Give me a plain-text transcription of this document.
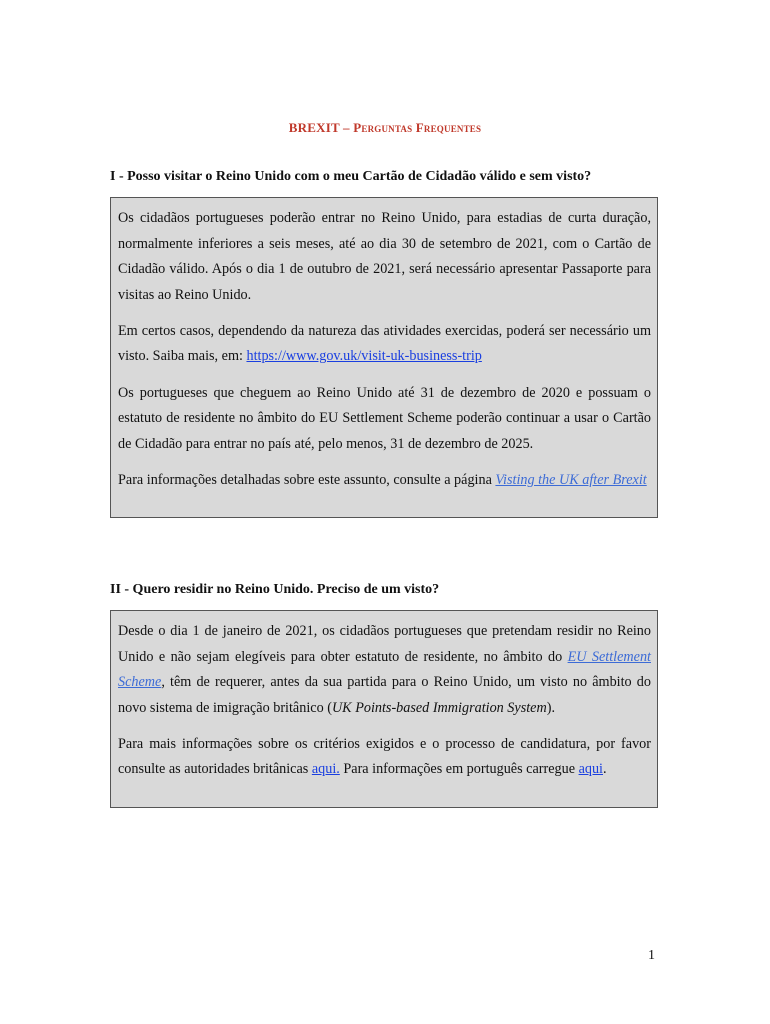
BREXIT – Perguntas Frequentes
I - Posso visitar o Reino Unido com o meu Cartão de Cidadão válido e sem visto?

Os cidadãos portugueses poderão entrar no Reino Unido, para estadias de curta duração, normalmente inferiores a seis meses, até ao dia 30 de setembro de 2021, com o Cartão de Cidadão válido. Após o dia 1 de outubro de 2021, será necessário apresentar Passaporte para visitas ao Reino Unido.

Em certos casos, dependendo da natureza das atividades exercidas, poderá ser necessário um visto. Saiba mais, em: https://www.gov.uk/visit-uk-business-trip

Os portugueses que cheguem ao Reino Unido até 31 de dezembro de 2020 e possuam o estatuto de residente no âmbito do EU Settlement Scheme poderão continuar a usar o Cartão de Cidadão para entrar no país até, pelo menos, 31 de dezembro de 2025.

Para informações detalhadas sobre este assunto, consulte a página Visting the UK after Brexit

II - Quero residir no Reino Unido. Preciso de um visto?

Desde o dia 1 de janeiro de 2021, os cidadãos portugueses que pretendam residir no Reino Unido e não sejam elegíveis para obter estatuto de residente, no âmbito do EU Settlement Scheme, têm de requerer, antes da sua partida para o Reino Unido, um visto no âmbito do novo sistema de imigração britânico (UK Points-based Immigration System).

Para mais informações sobre os critérios exigidos e o processo de candidatura, por favor consulte as autoridades britânicas aqui. Para informações em português carregue aqui.

1
